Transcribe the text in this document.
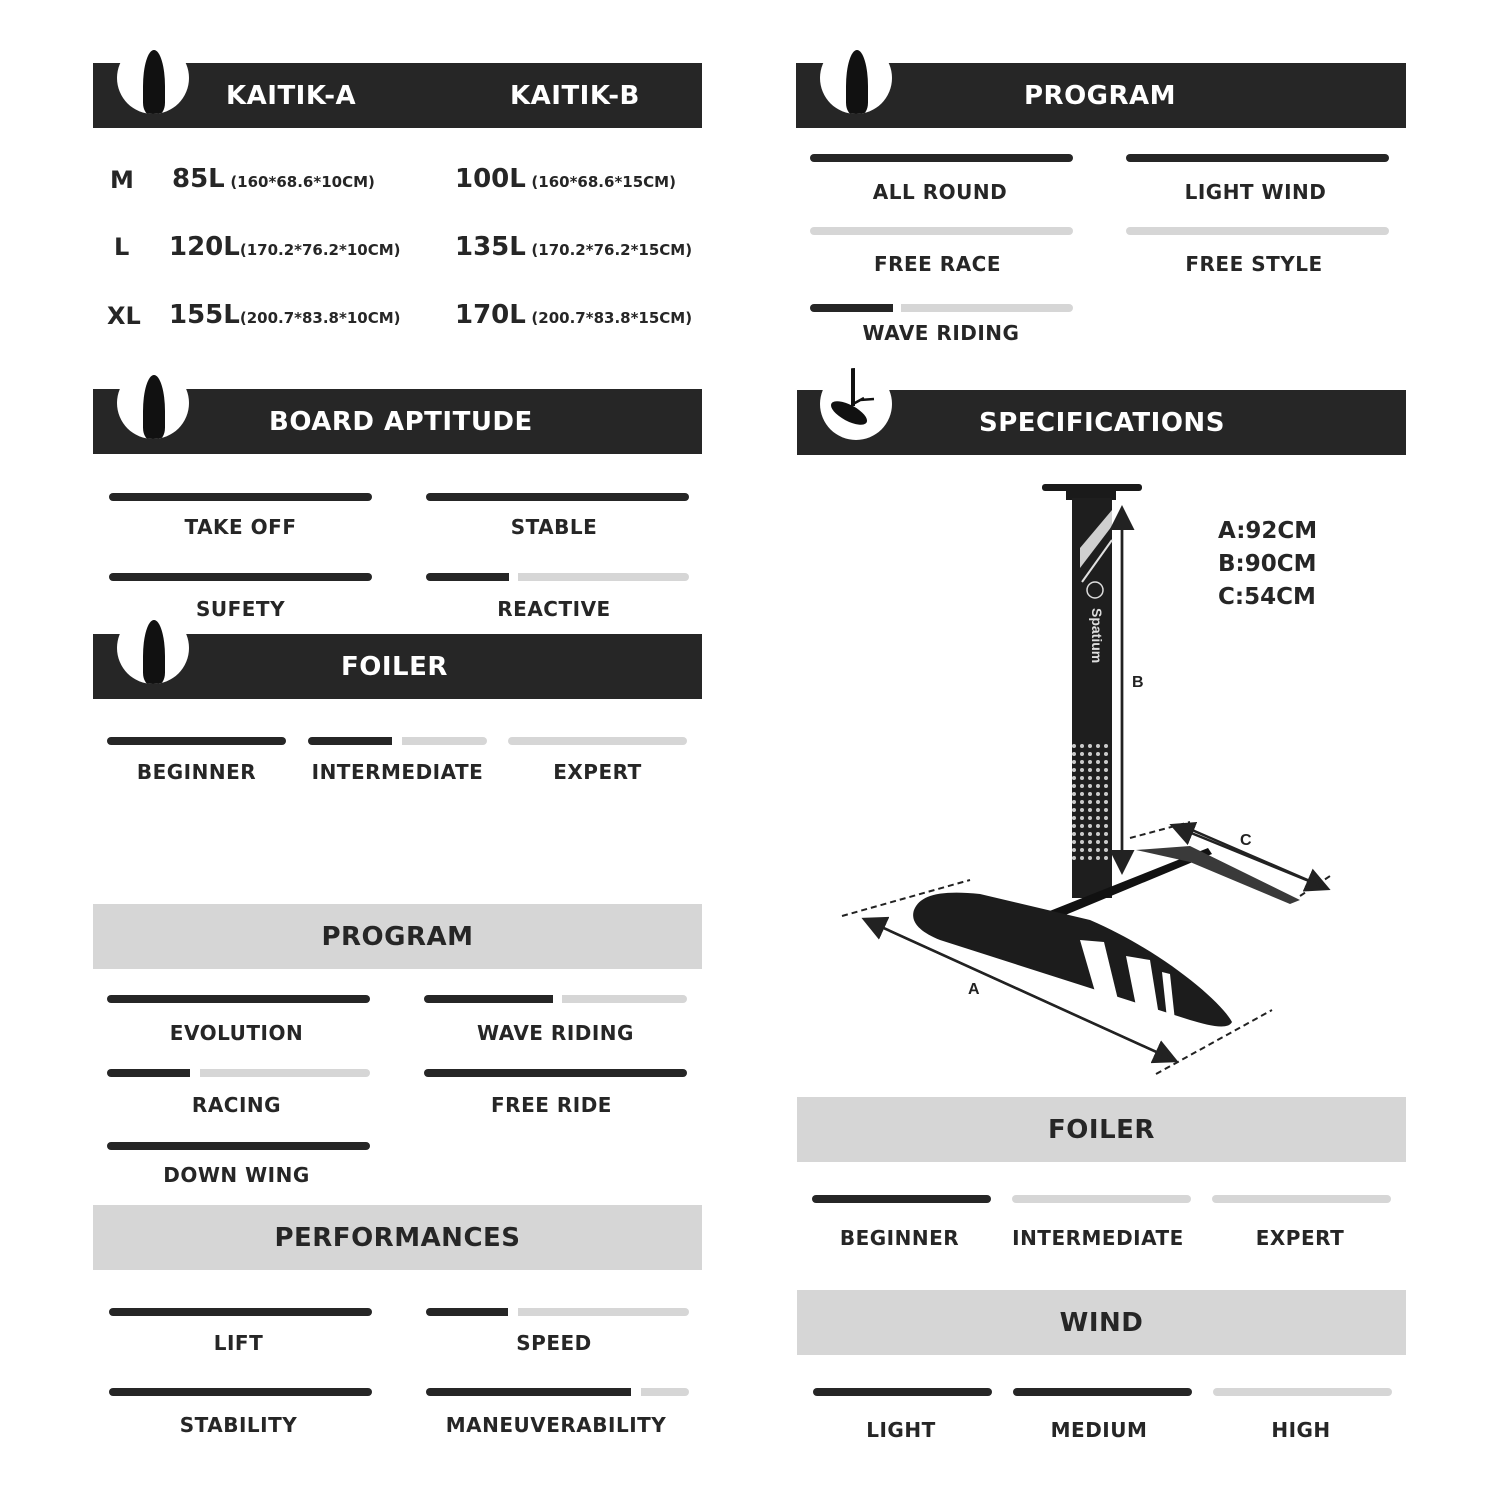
KAITIK-A	KAITIK-B
M 85L (160*68.6*10CM)	100L (160*68.6*15CM)
L 120L(170.2*76.2*10CM) 135L (170.2*76.2*15CM)
XL 155L(200.7*83.8*10CM) 170L (200.7*83.8*15CM)
BOARD APTITUDE
TAKE OFF	STABLE
SUFETY	REACTIVE
FOILER
BEGINNER	INTERMEDIATE	EXPERT
PROGRAM
EVOLUTION	WAVE RIDING
RACING	FREE RIDE
DOWN WING
PERFORMANCES
LIFT	SPEED
STABILITY	MANEUVERABILITY
PROGRAM
ALL ROUND	LIGHT WIND
FREE RACE	FREE STYLE
WAVE RIDING
SPECIFICATIONS
A:92CM
B:90CM
C:54CM
Spatium
B
C
A
FOILER
BEGINNER	INTERMEDIATE	EXPERT
WIND
LIGHT	MEDIUM	HIGH
